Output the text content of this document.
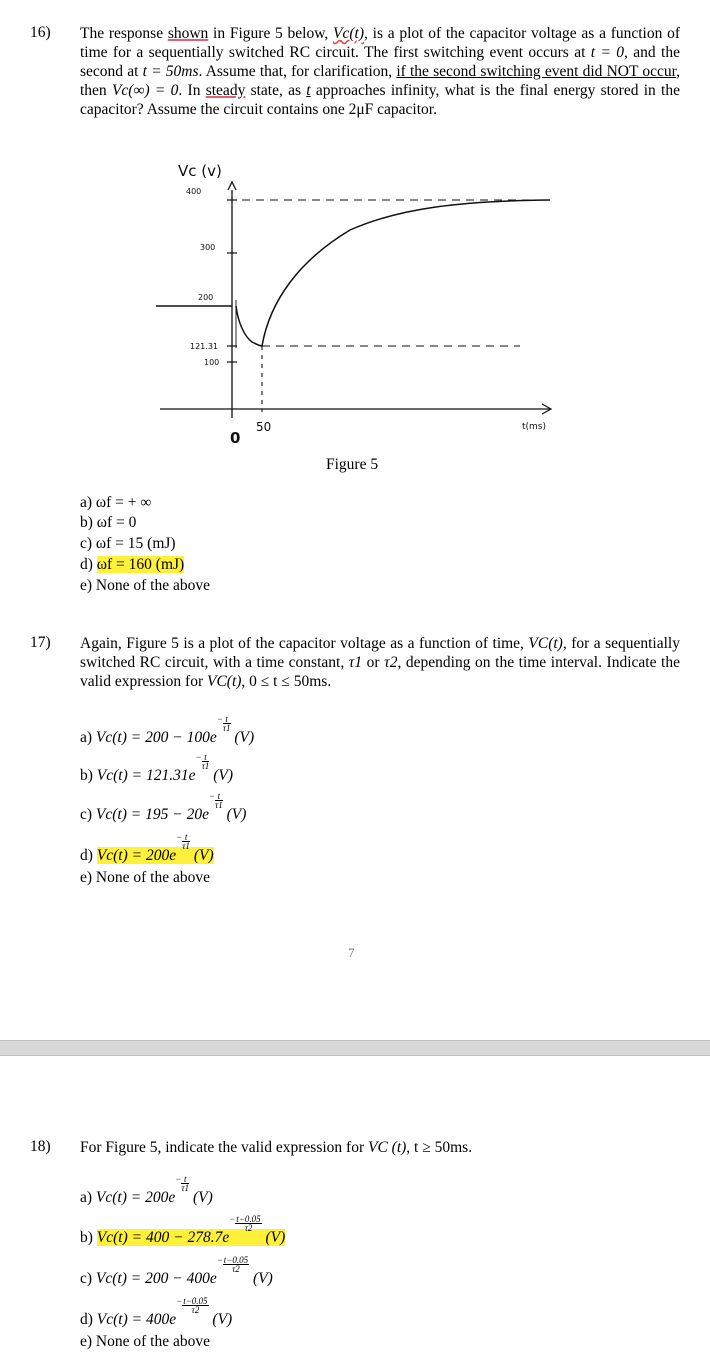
16) The response shown in Figure 5 below, Vc(t), is a plot of the capacitor voltage as a function of time for a sequentially switched RC circuit. The first switching event occurs at t = 0, and the second at t = 50ms. Assume that, for clarification, if the second switching event did NOT occur, then Vc(∞) = 0. In steady state, as t approaches infinity, what is the final energy stored in the capacitor? Assume the circuit contains one 2μF capacitor.
Vc (v)
400
300
200
121.31
100
0
50	t(ms)
Figure 5
a) ωf = + ∞
b) ωf = 0
c) ωf = 15 (mJ)
d) ωf = 160 (mJ)
e) None of the above
17) Again, Figure 5 is a plot of the capacitor voltage as a function of time, VC(t), for a sequentially switched RC circuit, with a time constant, τ1 or τ2, depending on the time interval. Indicate the valid expression for VC(t), 0 ≤ t ≤ 50ms.
a) $Vc(t) = 200 - 100e- \frac{t}{\tau 1}$
(V)
b) $Vc(t) = 121.31e- \frac{t}{\tau 1}$
(V)
c) $Vc(t) = 195 - 20e- \frac{t}{\tau 1}$
(V)
d) $Vc(t) = 200e- \frac{t}{\tau 1}$
(V)
e) None of the above
7
18) For Figure 5, indicate the valid expression for VC (t), t ≥ 50ms.
a) $Vc(t) = 200e- \frac{t}{\tau 1}$
(V)
b) $Vc(t) = 400 - 278.7e- \frac{t-0.05}{\tau 2}$
(V)
c) $Vc(t) = 200 - 400e- \frac{t-0.05}{\tau 2}$
(V)
d) $Vc(t) = 400e- \frac{t-0.05}{\tau 2}$
(V)
e) None of the above
